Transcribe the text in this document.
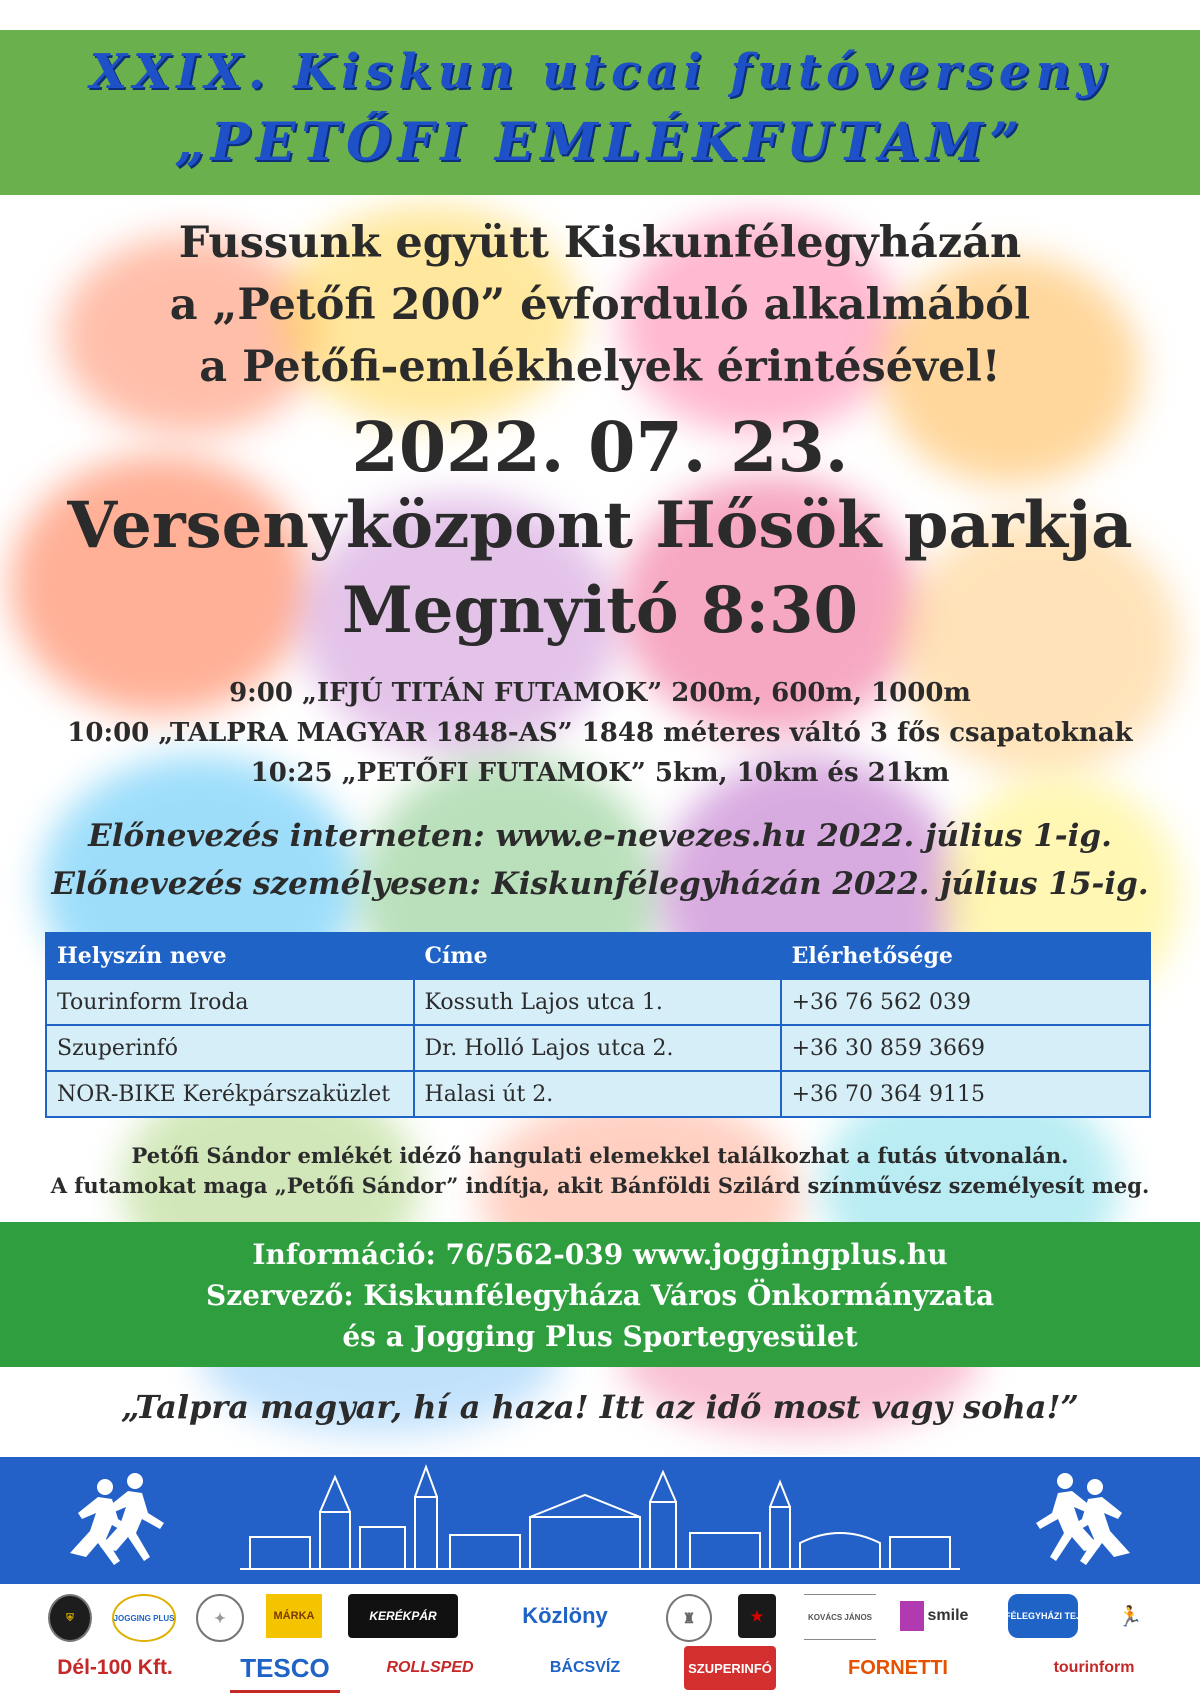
XXIX. Kiskun utcai futóverseny
„PETŐFI EMLÉKFUTAM”
Fussunk együtt Kiskunfélegyházán
a „Petőfi 200” évforduló alkalmából
a Petőfi-emlékhelyek érintésével!
2022. 07. 23.
Versenyközpont Hősök parkja
Megnyitó 8:30
9:00 „IFJÚ TITÁN FUTAMOK” 200m, 600m, 1000m
10:00 „TALPRA MAGYAR 1848-AS” 1848 méteres váltó 3 fős csapatoknak
10:25 „PETŐFI FUTAMOK” 5km, 10km és 21km
Előnevezés interneten: www.e-nevezes.hu 2022. július 1-ig.
Előnevezés személyesen: Kiskunfélegyházán 2022. július 15-ig.
Helyszín neve	Címe	Elérhetősége
Tourinform Iroda	Kossuth Lajos utca 1.	+36 76 562 039
Szuperinfó	Dr. Holló Lajos utca 2.	+36 30 859 3669
NOR-BIKE Kerékpárszaküzlet	Halasi út 2.	+36 70 364 9115
Petőfi Sándor emlékét idéző hangulati elemekkel találkozhat a futás útvonalán.
A futamokat maga „Petőfi Sándor” indítja, akit Bánföldi Szilárd színművész személyesít meg.
Információ: 76/562-039 www.joggingplus.hu
Szervező: Kiskunfélegyháza Város Önkormányzata
és a Jogging Plus Sportegyesület
„Talpra magyar, hí a haza! Itt az idő most vagy soha!”
⛨	JOGGING PLUS	✦	MÁRKA	KERÉKPÁR	Közlöny	♜	★	KOVÁCS JÁNOS	smile	FÉLEGYHÁZI TEJ	🏃
Dél-100 Kft.	TESCO	ROLLSPED	BÁCSVÍZ	SZUPERINFÓ	FORNETTI	tourinform
